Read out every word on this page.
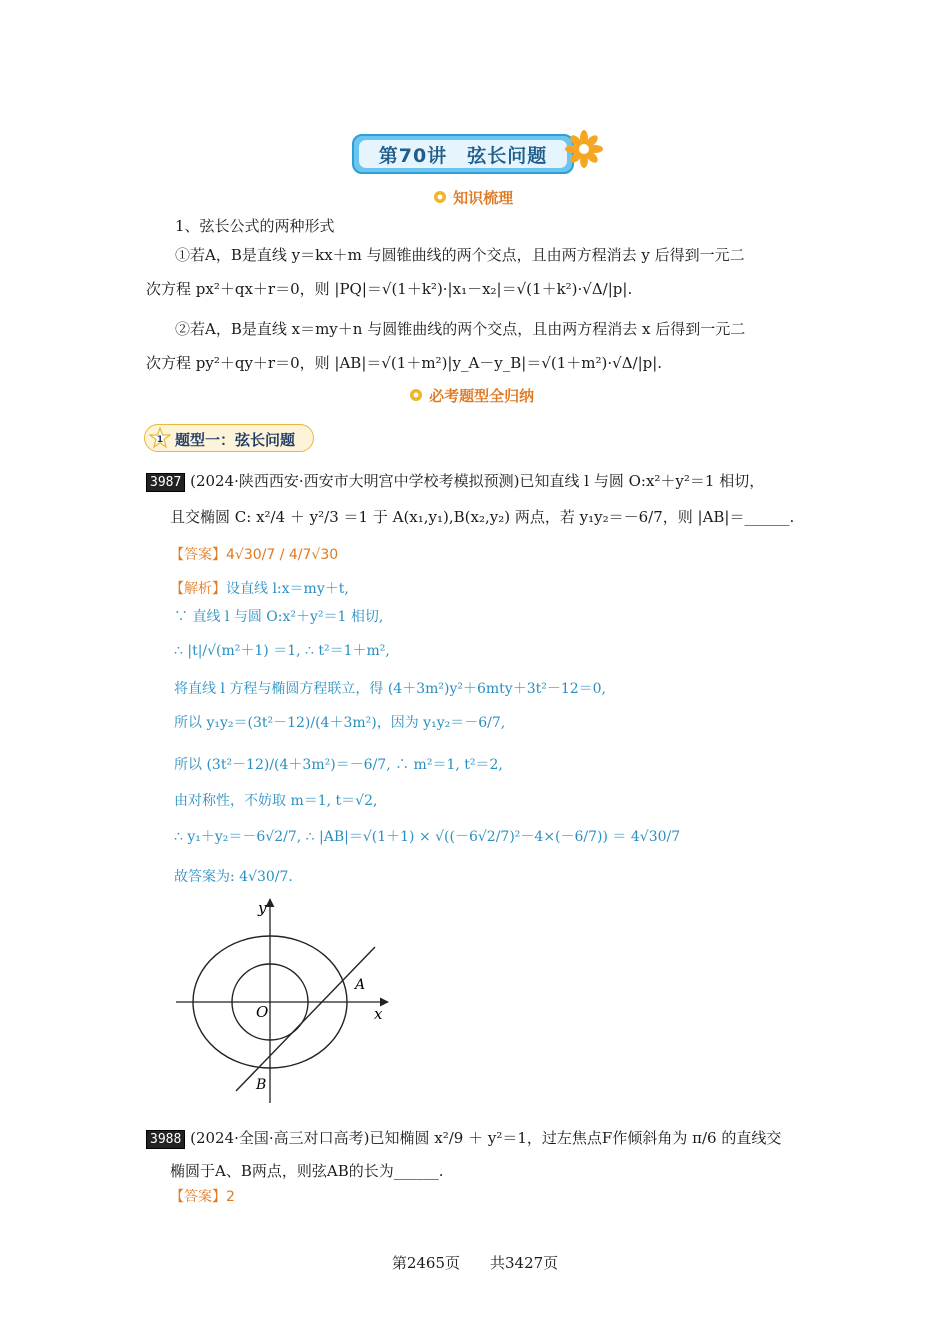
第70讲　弦长问题
知识梳理
1、弦长公式的两种形式
①若A，B是直线 y＝kx＋m 与圆锥曲线的两个交点，且由两方程消去 y 后得到一元二
次方程 px²＋qx＋r＝0，则 |PQ|＝√(1＋k²)·|x₁－x₂|＝√(1＋k²)·√Δ/|p|.
②若A，B是直线 x＝my＋n 与圆锥曲线的两个交点，且由两方程消去 x 后得到一元二
次方程 py²＋qy＋r＝0，则 |AB|＝√(1＋m²)|y_A－y_B|＝√(1＋m²)·√Δ/|p|.
必考题型全归纳
1 题型一：弦长问题
3987 (2024·陕西西安·西安市大明宫中学校考模拟预测)已知直线 l 与圆 O:x²＋y²＝1 相切，
且交椭圆 C: x²/4 ＋ y²/3 ＝1 于 A(x₁,y₁),B(x₂,y₂) 两点，若 y₁y₂＝－6/7，则 |AB|＝______.
【答案】4√30/7 / 4/7√30
【解析】设直线 l:x＝my＋t,
∵ 直线 l 与圆 O:x²＋y²＝1 相切,
∴ |t|/√(m²＋1) ＝1, ∴ t²＝1＋m²,
将直线 l 方程与椭圆方程联立，得 (4＋3m²)y²＋6mty＋3t²－12＝0,
所以 y₁y₂＝(3t²－12)/(4＋3m²)，因为 y₁y₂＝－6/7,
所以 (3t²－12)/(4＋3m²)＝－6/7, ∴ m²＝1, t²＝2,
由对称性，不妨取 m＝1, t＝√2,
∴ y₁＋y₂＝－6√2/7, ∴ |AB|＝√(1＋1) × √((－6√2/7)²－4×(－6/7)) ＝ 4√30/7
故答案为: 4√30/7.
y
x
O
A
B
3988 (2024·全国·高三对口高考)已知椭圆 x²/9 ＋ y²＝1，过左焦点F作倾斜角为 π/6 的直线交
椭圆于A、B两点，则弦AB的长为______.
【答案】2
第2465页　　共3427页
